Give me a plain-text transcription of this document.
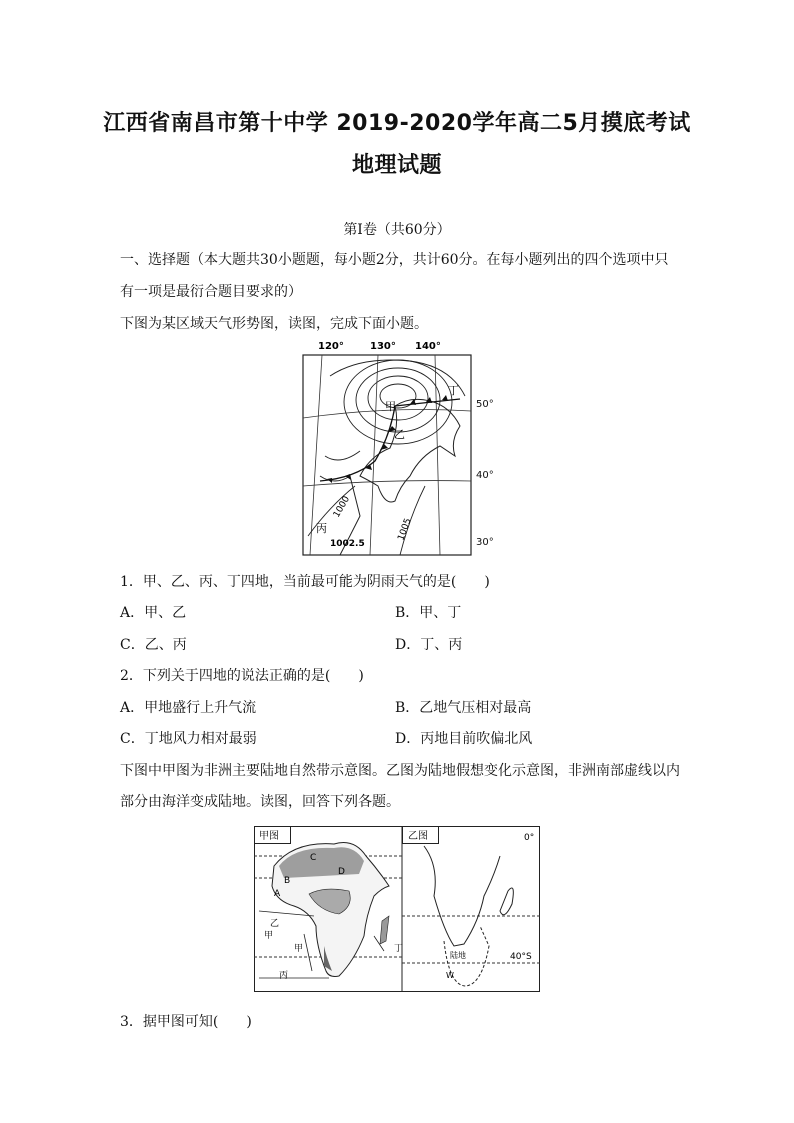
江西省南昌市第十中学 2019-2020学年高二5月摸底考试
地理试题
第I卷（共60分）
一、选择题（本大题共30小题题，每小题2分，共计60分。在每小题列出的四个选项中只
有一项是最衍合题目要求的）
下图为某区域天气形势图，读图，完成下面小题。
120°	130° 140°
甲
乙
丙
丁
1000
1002.5
1005
50°
40°
30°
1．甲、乙、丙、丁四地，当前最可能为阴雨天气的是(　　)
A．甲、乙	B．甲、丁
C．乙、丙	D．丁、丙
2．下列关于四地的说法正确的是(　　)
A．甲地盛行上升气流	B．乙地气压相对最高
C．丁地风力相对最弱	D．丙地目前吹偏北风
下图中甲图为非洲主要陆地自然带示意图。乙图为陆地假想变化示意图，非洲南部虚线以内
部分由海洋变成陆地。读图，回答下列各题。
甲图
C
D
B
A
乙
甲
甲	丁
丙
乙图	0°
40°S
陆地
W
3．据甲图可知(　　)
